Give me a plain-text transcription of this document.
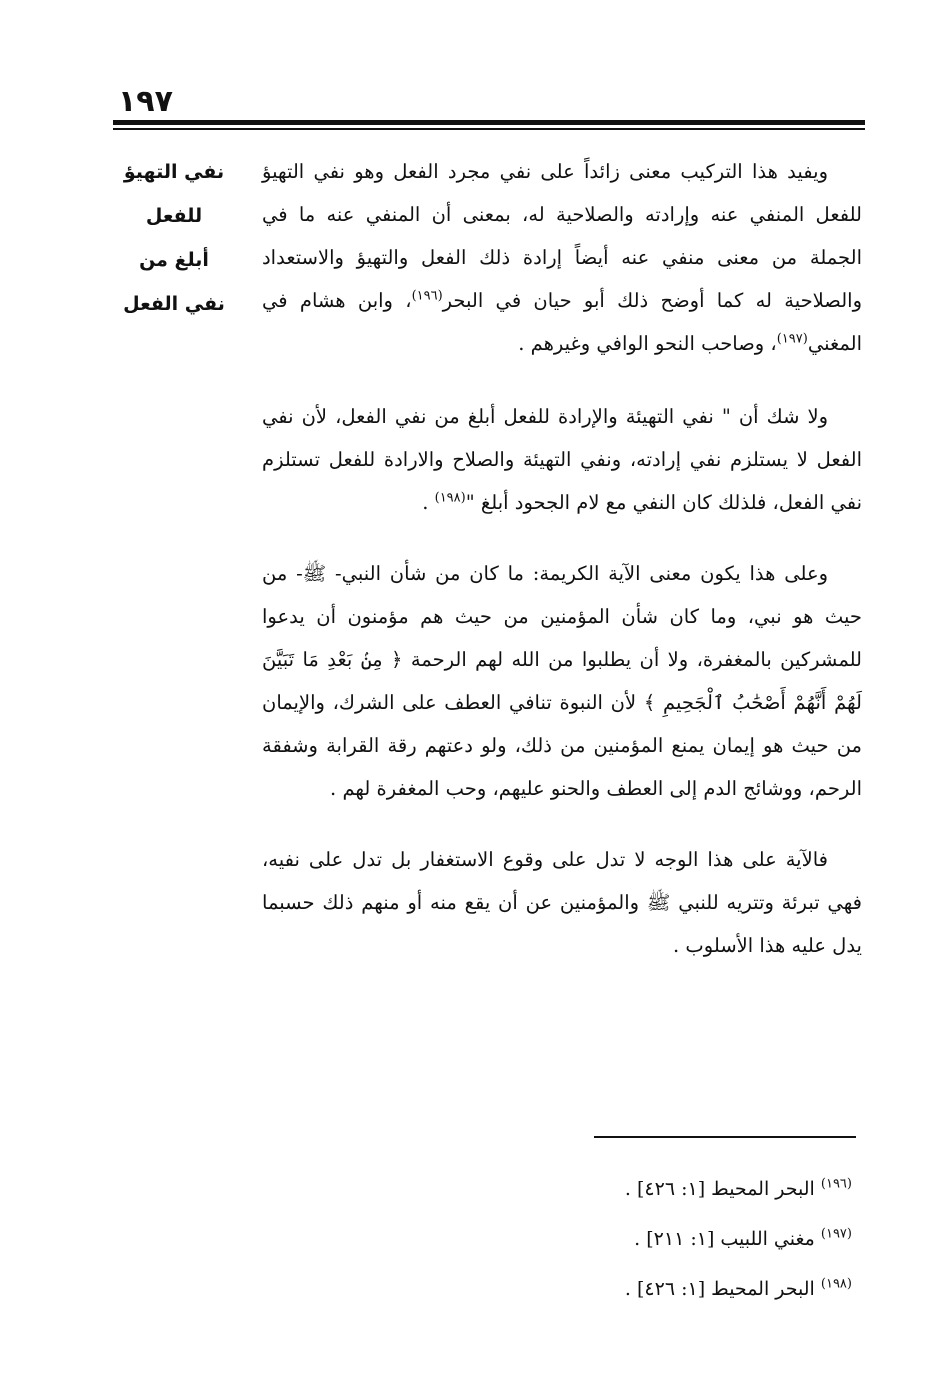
١٩٧
نفي التهيؤ
للفعل
أبلغ من
نفي الفعل

ويفيد هذا التركيب معنى زائداً على نفي مجرد الفعل وهو نفي التهيؤ للفعل المنفي عنه وإرادته والصلاحية له، بمعنى أن المنفي عنه ما في الجملة من معنى منفي عنه أيضاً إرادة ذلك الفعل والتهيؤ والاستعداد والصلاحية له كما أوضح ذلك أبو حيان في البحر$^{(١٩٦)}$، وابن هشام في المغني$^{(١٩٧)}$، وصاحب النحو الوافي وغيرهم .

ولا شك أن " نفي التهيئة والإرادة للفعل أبلغ من نفي الفعل، لأن نفي الفعل لا يستلزم نفي إرادته، ونفي التهيئة والصلاح والارادة للفعل تستلزم نفي الفعل، فلذلك كان النفي مع لام الجحود أبلغ "$^{(١٩٨)}$ .

وعلى هذا يكون معنى الآية الكريمة: ما كان من شأن النبي- ﷺ- من حيث هو نبي، وما كان شأن المؤمنين من حيث هم مؤمنون أن يدعوا للمشركين بالمغفرة، ولا أن يطلبوا من الله لهم الرحمة ﴿ مِنۢ بَعْدِ مَا تَبَيَّنَ لَهُمْ أَنَّهُمْ أَصْحَٰبُ ٱلْجَحِيمِ ﴾ لأن النبوة تنافي العطف على الشرك، والإيمان من حيث هو إيمان يمنع المؤمنين من ذلك، ولو دعتهم رقة القرابة وشفقة الرحم، ووشائج الدم إلى العطف والحنو عليهم، وحب المغفرة لهم .

فالآية على هذا الوجه لا تدل على وقوع الاستغفار بل تدل على نفيه، فهي تبرئة وتتريه للنبي ﷺ والمؤمنين عن أن يقع منه أو منهم ذلك حسبما يدل عليه هذا الأسلوب .

$^{(١٩٦)}$ البحر المحيط [١: ٤٢٦] .
$^{(١٩٧)}$ مغني اللبيب [١: ٢١١] .
$^{(١٩٨)}$ البحر المحيط [١: ٤٢٦] .
